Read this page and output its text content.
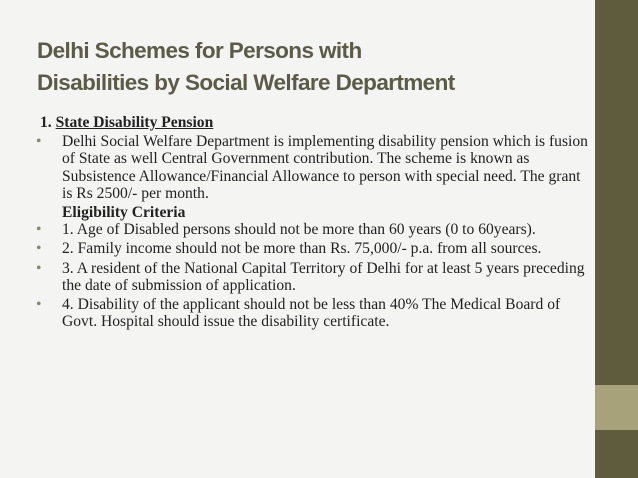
Delhi Schemes for Persons with
Disabilities by Social Welfare Department
1. State Disability Pension
•	Delhi Social Welfare Department is implementing disability pension which is fusion of State as well Central Government contribution. The scheme is known as Subsistence Allowance/Financial Allowance to person with special need. The grant is Rs 2500/- per month.
Eligibility Criteria
•	1. Age of Disabled persons should not be more than 60 years (0 to 60years).
•	2. Family income should not be more than Rs. 75,000/- p.a. from all sources.
•	3. A resident of the National Capital Territory of Delhi for at least 5 years preceding the date of submission of application.
•	4. Disability of the applicant should not be less than 40% The Medical Board of Govt. Hospital should issue the disability certificate.
